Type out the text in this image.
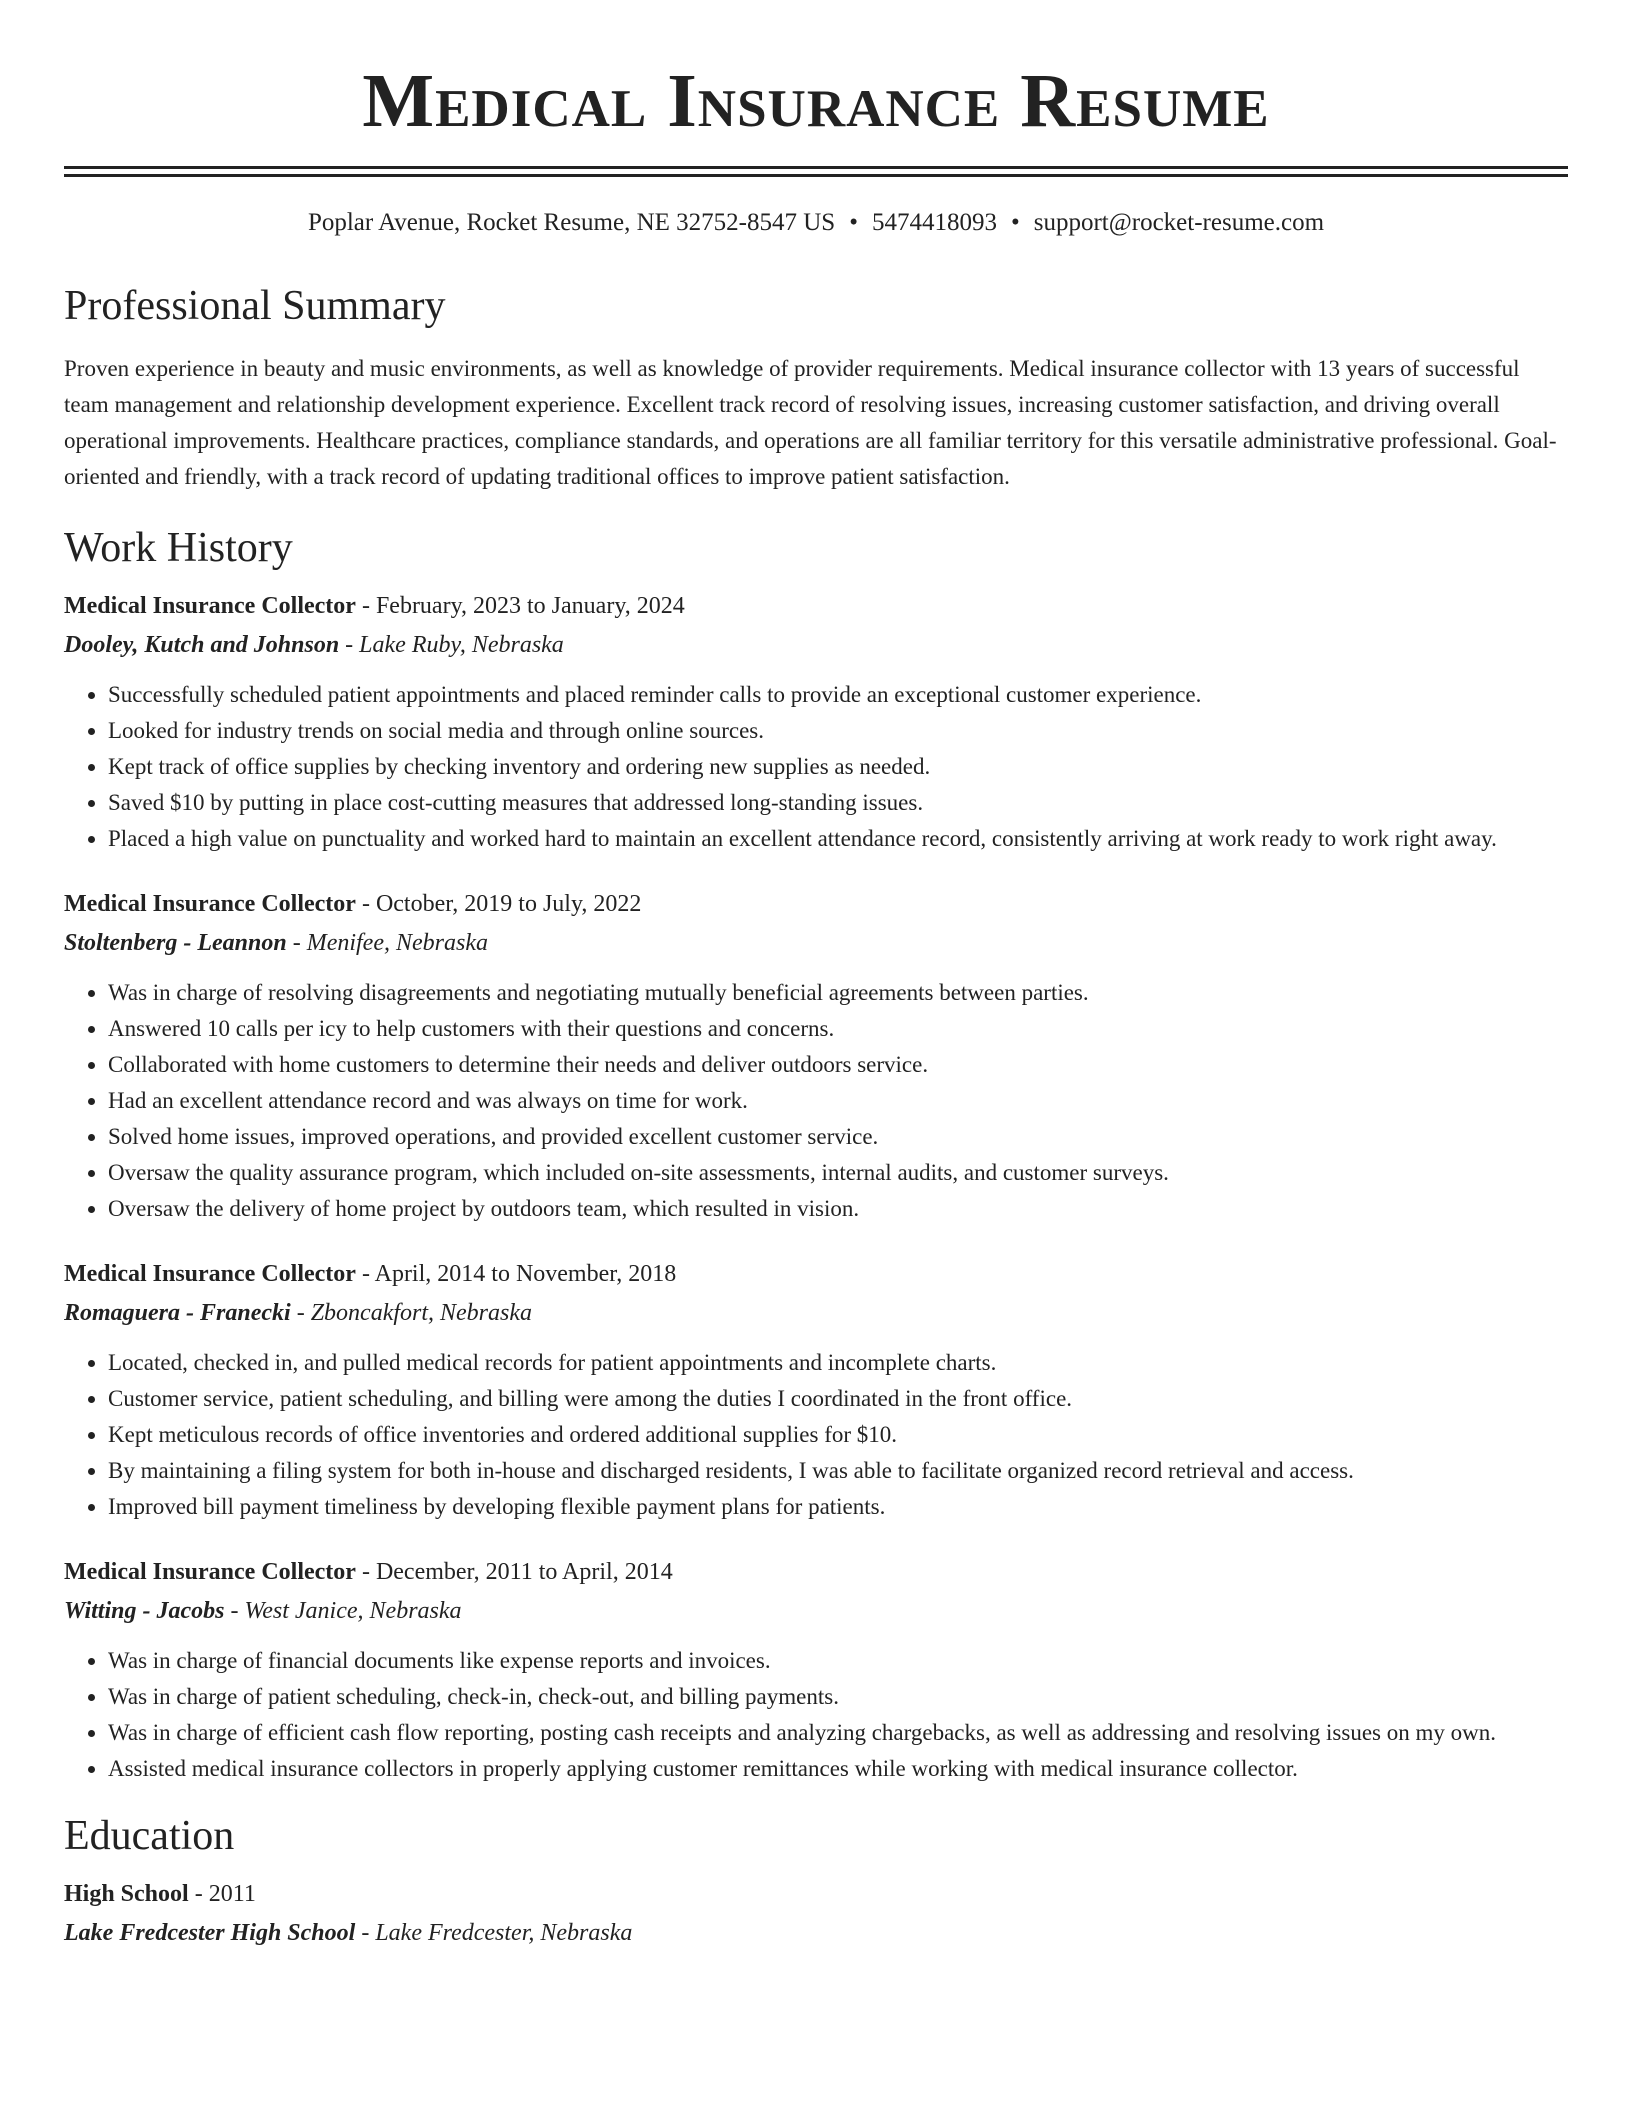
Medical Insurance Resume
Poplar Avenue, Rocket Resume, NE 32752-8547 US • 5474418093 • support@rocket-resume.com
Professional Summary
Proven experience in beauty and music environments, as well as knowledge of provider requirements. Medical insurance collector with 13 years of successful team management and relationship development experience. Excellent track record of resolving issues, increasing customer satisfaction, and driving overall operational improvements. Healthcare practices, compliance standards, and operations are all familiar territory for this versatile administrative professional. Goal-oriented and friendly, with a track record of updating traditional offices to improve patient satisfaction.
Work History
Medical Insurance Collector - February, 2023 to January, 2024
Dooley, Kutch and Johnson - Lake Ruby, Nebraska
• Successfully scheduled patient appointments and placed reminder calls to provide an exceptional customer experience.
• Looked for industry trends on social media and through online sources.
• Kept track of office supplies by checking inventory and ordering new supplies as needed.
• Saved $10 by putting in place cost-cutting measures that addressed long-standing issues.
• Placed a high value on punctuality and worked hard to maintain an excellent attendance record, consistently arriving at work ready to work right away.
Medical Insurance Collector - October, 2019 to July, 2022
Stoltenberg - Leannon - Menifee, Nebraska
• Was in charge of resolving disagreements and negotiating mutually beneficial agreements between parties.
• Answered 10 calls per icy to help customers with their questions and concerns.
• Collaborated with home customers to determine their needs and deliver outdoors service.
• Had an excellent attendance record and was always on time for work.
• Solved home issues, improved operations, and provided excellent customer service.
• Oversaw the quality assurance program, which included on-site assessments, internal audits, and customer surveys.
• Oversaw the delivery of home project by outdoors team, which resulted in vision.
Medical Insurance Collector - April, 2014 to November, 2018
Romaguera - Franecki - Zboncakfort, Nebraska
• Located, checked in, and pulled medical records for patient appointments and incomplete charts.
• Customer service, patient scheduling, and billing were among the duties I coordinated in the front office.
• Kept meticulous records of office inventories and ordered additional supplies for $10.
• By maintaining a filing system for both in-house and discharged residents, I was able to facilitate organized record retrieval and access.
• Improved bill payment timeliness by developing flexible payment plans for patients.
Medical Insurance Collector - December, 2011 to April, 2014
Witting - Jacobs - West Janice, Nebraska
• Was in charge of financial documents like expense reports and invoices.
• Was in charge of patient scheduling, check-in, check-out, and billing payments.
• Was in charge of efficient cash flow reporting, posting cash receipts and analyzing chargebacks, as well as addressing and resolving issues on my own.
• Assisted medical insurance collectors in properly applying customer remittances while working with medical insurance collector.
Education
High School - 2011
Lake Fredcester High School - Lake Fredcester, Nebraska
